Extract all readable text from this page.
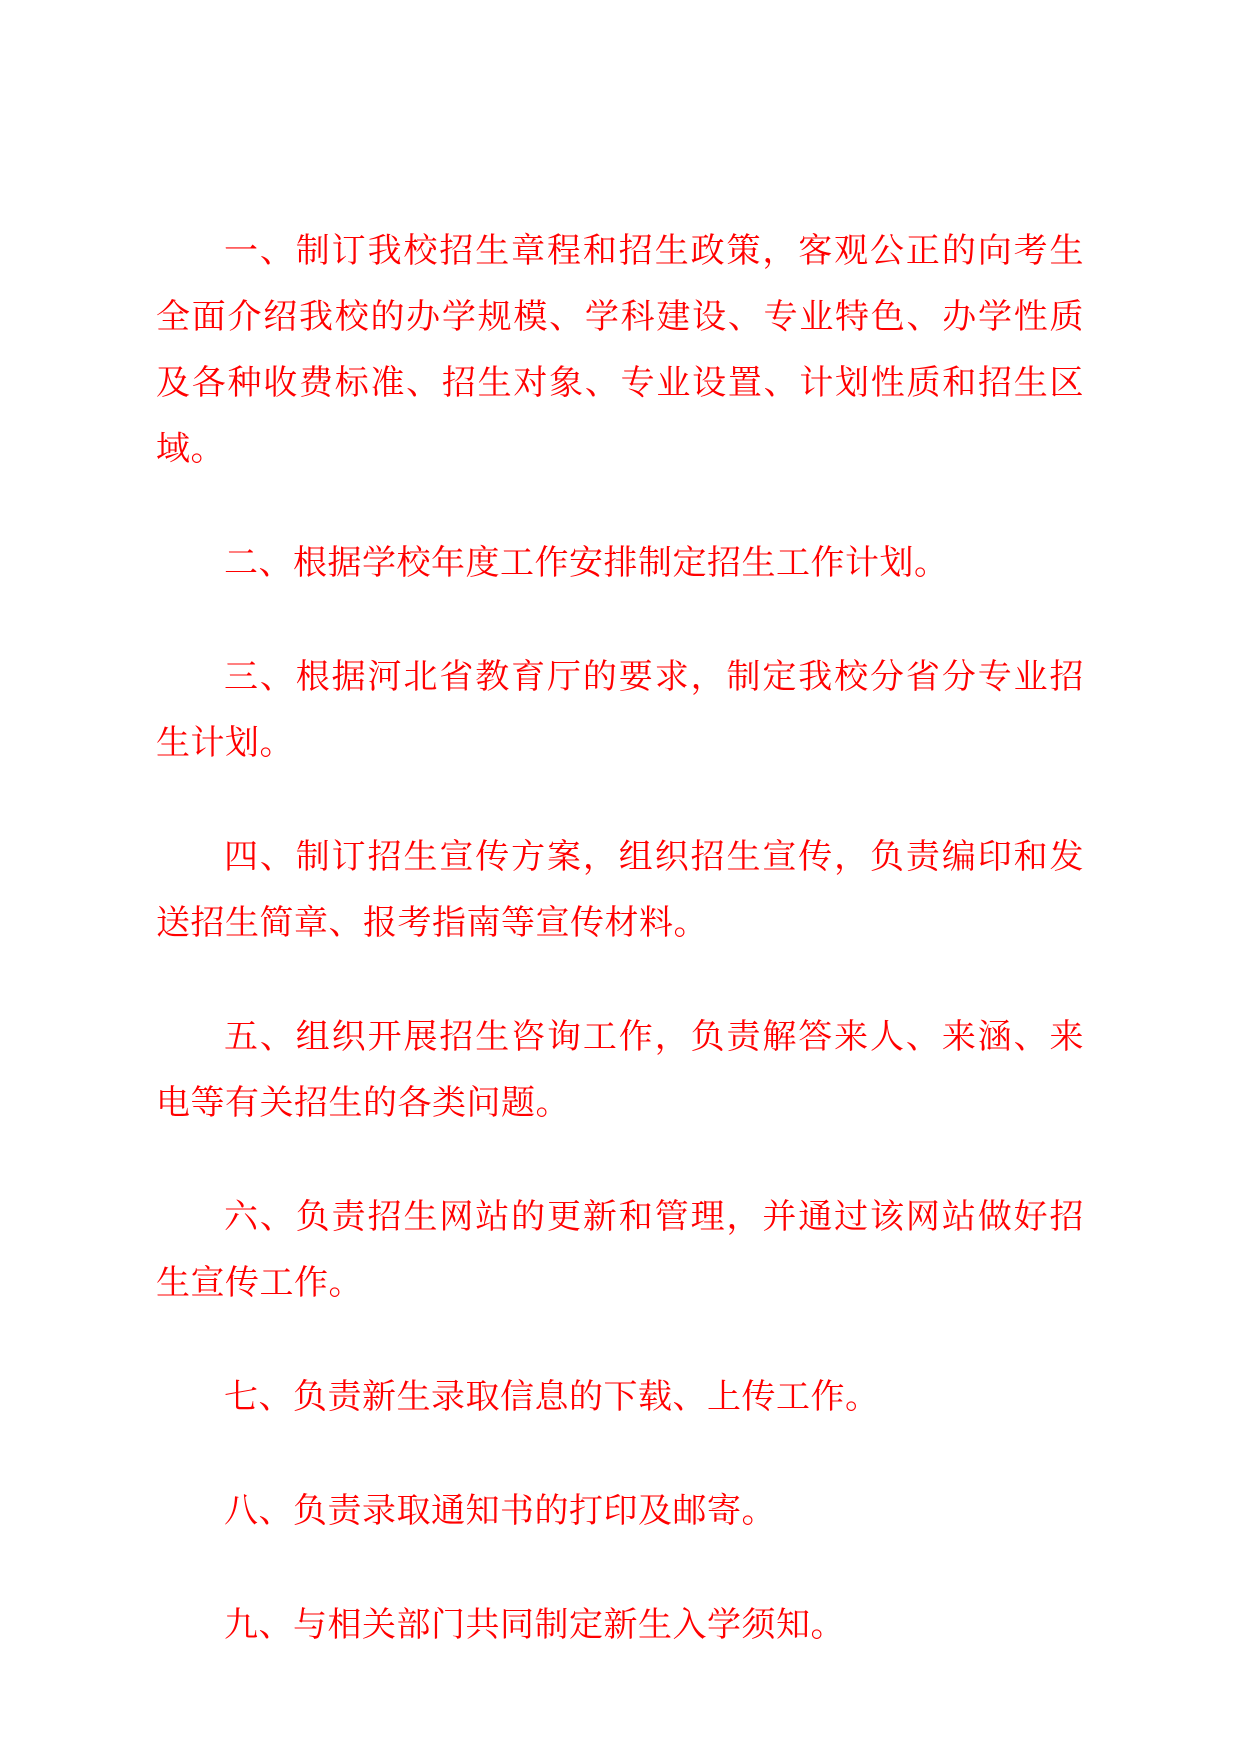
一、制订我校招生章程和招生政策，客观公正的向考生全面介绍我校的办学规模、学科建设、专业特色、办学性质及各种收费标准、招生对象、专业设置、计划性质和招生区域。

二、根据学校年度工作安排制定招生工作计划。

三、根据河北省教育厅的要求，制定我校分省分专业招生计划。

四、制订招生宣传方案，组织招生宣传，负责编印和发送招生简章、报考指南等宣传材料。

五、组织开展招生咨询工作，负责解答来人、来涵、来电等有关招生的各类问题。

六、负责招生网站的更新和管理，并通过该网站做好招生宣传工作。

七、负责新生录取信息的下载、上传工作。

八、负责录取通知书的打印及邮寄。

九、与相关部门共同制定新生入学须知。
